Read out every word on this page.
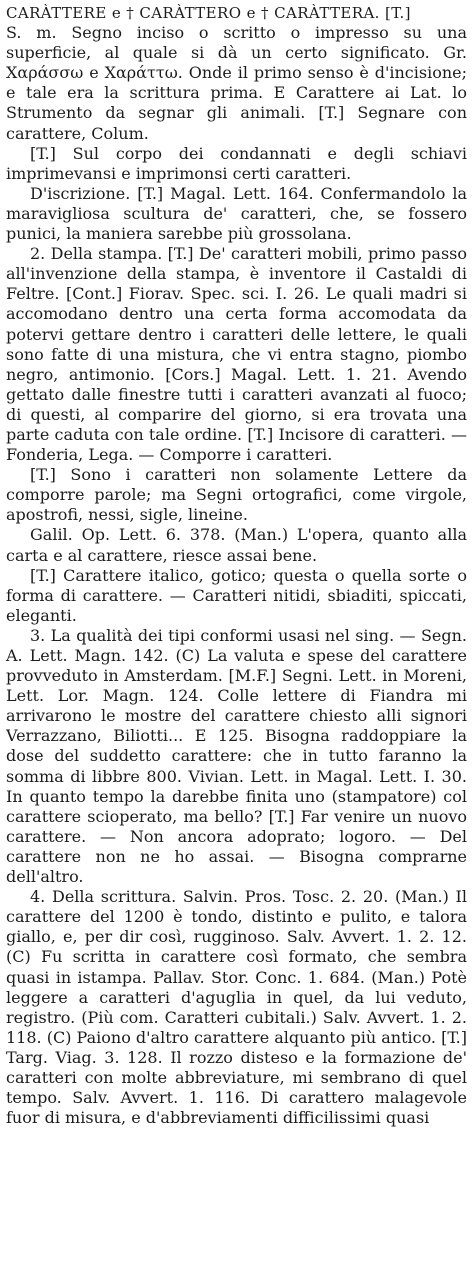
CARÀTTERE e † CARÀTTERO e † CARÀTTERA. [T.]

S. m. Segno inciso o scritto o impresso su una superficie, al quale si dà un certo significato. Gr. Χαράσσω e Χαράττω. Onde il primo senso è d'incisione; e tale era la scrittura prima. E Carattere ai Lat. lo Strumento da segnar gli animali. [T.] Segnare con carattere, Colum.

[T.] Sul corpo dei condannati e degli schiavi imprimevansi e imprimonsi certi caratteri.

D'iscrizione. [T.] Magal. Lett. 164. Confermandolo la maravigliosa scultura de' caratteri, che, se fossero punici, la maniera sarebbe più grossolana.

2. Della stampa. [T.] De' caratteri mobili, primo passo all'invenzione della stampa, è inventore il Castaldi di Feltre. [Cont.] Fiorav. Spec. sci. I. 26. Le quali madri si accomodano dentro una certa forma accomodata da potervi gettare dentro i caratteri delle lettere, le quali sono fatte di una mistura, che vi entra stagno, piombo negro, antimonio. [Cors.] Magal. Lett. 1. 21. Avendo gettato dalle finestre tutti i caratteri avanzati al fuoco; di questi, al comparire del giorno, si era trovata una parte caduta con tale ordine. [T.] Incisore di caratteri. — Fonderia, Lega. — Comporre i caratteri.

[T.] Sono i caratteri non solamente Lettere da comporre parole; ma Segni ortografici, come virgole, apostrofi, nessi, sigle, lineine.

Galil. Op. Lett. 6. 378. (Man.) L'opera, quanto alla carta e al carattere, riesce assai bene.

[T.] Carattere italico, gotico; questa o quella sorte o forma di carattere. — Caratteri nitidi, sbiaditi, spiccati, eleganti.

3. La qualità dei tipi conformi usasi nel sing. — Segn. A. Lett. Magn. 142. (C) La valuta e spese del carattere provveduto in Amsterdam. [M.F.] Segni. Lett. in Moreni, Lett. Lor. Magn. 124. Colle lettere di Fiandra mi arrivarono le mostre del carattere chiesto alli signori Verrazzano, Biliotti... E 125. Bisogna raddoppiare la dose del suddetto carattere: che in tutto faranno la somma di libbre 800. Vivian. Lett. in Magal. Lett. I. 30. In quanto tempo la darebbe finita uno (stampatore) col carattere scioperato, ma bello? [T.] Far venire un nuovo carattere. — Non ancora adoprato; logoro. — Del carattere non ne ho assai. — Bisogna comprarne dell'altro.

4. Della scrittura. Salvin. Pros. Tosc. 2. 20. (Man.) Il carattere del 1200 è tondo, distinto e pulito, e talora giallo, e, per dir così, rugginoso. Salv. Avvert. 1. 2. 12. (C) Fu scritta in carattere così formato, che sembra quasi in istampa. Pallav. Stor. Conc. 1. 684. (Man.) Potè leggere a caratteri d'aguglia in quel, da lui veduto, registro. (Più com. Caratteri cubitali.) Salv. Avvert. 1. 2. 118. (C) Paiono d'altro carattere alquanto più antico. [T.] Targ. Viag. 3. 128. Il rozzo disteso e la formazione de' caratteri con molte abbreviature, mi sembrano di quel tempo. Salv. Avvert. 1. 116. Di carattero malagevole fuor di misura, e d'abbreviamenti difficilissimi quasi
